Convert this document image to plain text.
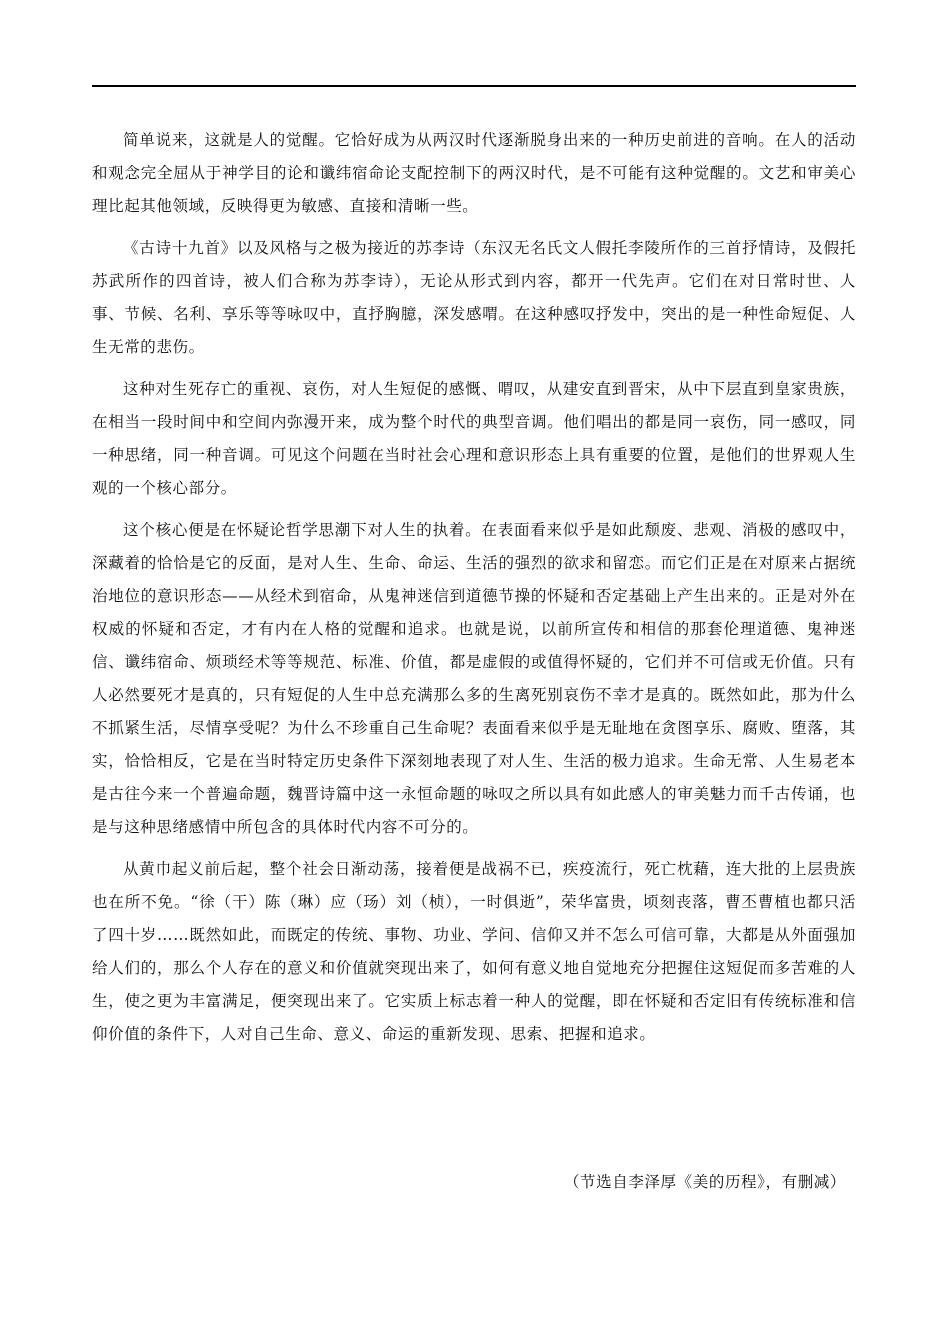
简单说来，这就是人的觉醒。它恰好成为从两汉时代逐渐脱身出来的一种历史前进的音响。在人的活动和观念完全屈从于神学目的论和谶纬宿命论支配控制下的两汉时代，是不可能有这种觉醒的。文艺和审美心理比起其他领域，反映得更为敏感、直接和清晰一些。

《古诗十九首》以及风格与之极为接近的苏李诗（东汉无名氏文人假托李陵所作的三首抒情诗，及假托苏武所作的四首诗，被人们合称为苏李诗），无论从形式到内容，都开一代先声。它们在对日常时世、人事、节候、名利、享乐等等咏叹中，直抒胸臆，深发感喟。在这种感叹抒发中，突出的是一种性命短促、人生无常的悲伤。

这种对生死存亡的重视、哀伤，对人生短促的感慨、喟叹，从建安直到晋宋，从中下层直到皇家贵族，在相当一段时间中和空间内弥漫开来，成为整个时代的典型音调。他们唱出的都是同一哀伤，同一感叹，同一种思绪，同一种音调。可见这个问题在当时社会心理和意识形态上具有重要的位置，是他们的世界观人生观的一个核心部分。

这个核心便是在怀疑论哲学思潮下对人生的执着。在表面看来似乎是如此颓废、悲观、消极的感叹中，深藏着的恰恰是它的反面，是对人生、生命、命运、生活的强烈的欲求和留恋。而它们正是在对原来占据统治地位的意识形态——从经术到宿命，从鬼神迷信到道德节操的怀疑和否定基础上产生出来的。正是对外在权威的怀疑和否定，才有内在人格的觉醒和追求。也就是说，以前所宣传和相信的那套伦理道德、鬼神迷信、谶纬宿命、烦琐经术等等规范、标准、价值，都是虚假的或值得怀疑的，它们并不可信或无价值。只有人必然要死才是真的，只有短促的人生中总充满那么多的生离死别哀伤不幸才是真的。既然如此，那为什么不抓紧生活，尽情享受呢？为什么不珍重自己生命呢？表面看来似乎是无耻地在贪图享乐、腐败、堕落，其实，恰恰相反，它是在当时特定历史条件下深刻地表现了对人生、生活的极力追求。生命无常、人生易老本是古往今来一个普遍命题，魏晋诗篇中这一永恒命题的咏叹之所以具有如此感人的审美魅力而千古传诵，也是与这种思绪感情中所包含的具体时代内容不可分的。

从黄巾起义前后起，整个社会日渐动荡，接着便是战祸不已，疾疫流行，死亡枕藉，连大批的上层贵族也在所不免。“徐（干）陈（琳）应（玚）刘（桢），一时俱逝”，荣华富贵，顷刻丧落，曹丕曹植也都只活了四十岁……既然如此，而既定的传统、事物、功业、学问、信仰又并不怎么可信可靠，大都是从外面强加给人们的，那么个人存在的意义和价值就突现出来了，如何有意义地自觉地充分把握住这短促而多苦难的人生，使之更为丰富满足，便突现出来了。它实质上标志着一种人的觉醒，即在怀疑和否定旧有传统标准和信仰价值的条件下，人对自己生命、意义、命运的重新发现、思索、把握和追求。

（节选自李泽厚《美的历程》，有删减）
